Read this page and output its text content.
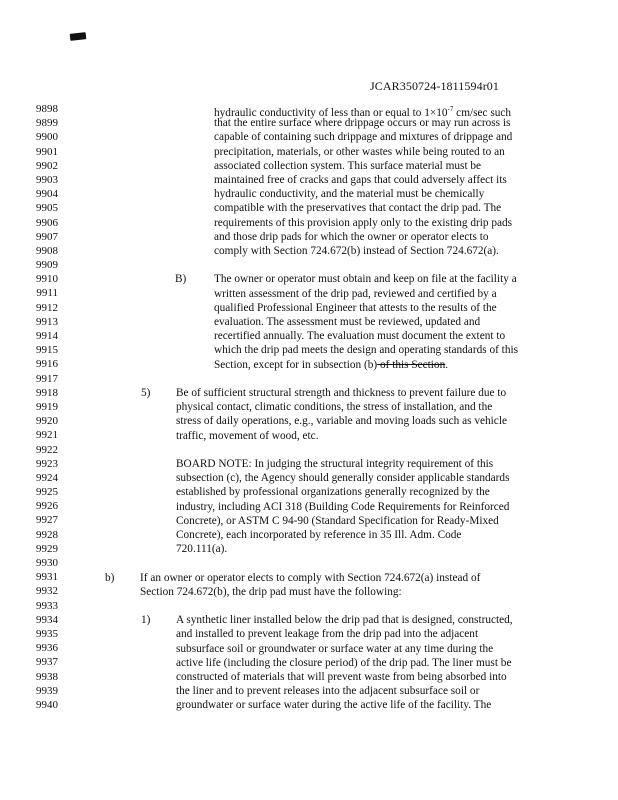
JCAR350724-1811594r01
9898
9899
9900
9901
9902
9903
9904
9905
9906
9907
9908
9909
9910
9911
9912
9913
9914
9915
9916
9917
9918
9919
9920
9921
9922
9923
9924
9925
9926
9927
9928
9929
9930
9931
9932
9933
9934
9935
9936
9937
9938
9939
9940
hydraulic conductivity of less than or equal to $1\times 10^{-7}$ cm/sec such
that the entire surface where drippage occurs or may run across is
capable of containing such drippage and mixtures of drippage and
precipitation, materials, or other wastes while being routed to an
associated collection system. This surface material must be
maintained free of cracks and gaps that could adversely affect its
hydraulic conductivity, and the material must be chemically
compatible with the preservatives that contact the drip pad. The
requirements of this provision apply only to the existing drip pads
and those drip pads for which the owner or operator elects to
comply with Section 724.672(b) instead of Section 724.672(a).
B) The owner or operator must obtain and keep on file at the facility a
written assessment of the drip pad, reviewed and certified by a
qualified Professional Engineer that attests to the results of the
evaluation. The assessment must be reviewed, updated and
recertified annually. The evaluation must document the extent to
which the drip pad meets the design and operating standards of this
Section, except for in subsection (b) of this Section.
5) Be of sufficient structural strength and thickness to prevent failure due to
physical contact, climatic conditions, the stress of installation, and the
stress of daily operations, e.g., variable and moving loads such as vehicle
traffic, movement of wood, etc.
BOARD NOTE: In judging the structural integrity requirement of this
subsection (c), the Agency should generally consider applicable standards
established by professional organizations generally recognized by the
industry, including ACI 318 (Building Code Requirements for Reinforced
Concrete), or ASTM C 94-90 (Standard Specification for Ready-Mixed
Concrete), each incorporated by reference in 35 Ill. Adm. Code
720.111(a).
b) If an owner or operator elects to comply with Section 724.672(a) instead of
Section 724.672(b), the drip pad must have the following:
1) A synthetic liner installed below the drip pad that is designed, constructed,
and installed to prevent leakage from the drip pad into the adjacent
subsurface soil or groundwater or surface water at any time during the
active life (including the closure period) of the drip pad. The liner must be
constructed of materials that will prevent waste from being absorbed into
the liner and to prevent releases into the adjacent subsurface soil or
groundwater or surface water during the active life of the facility. The
